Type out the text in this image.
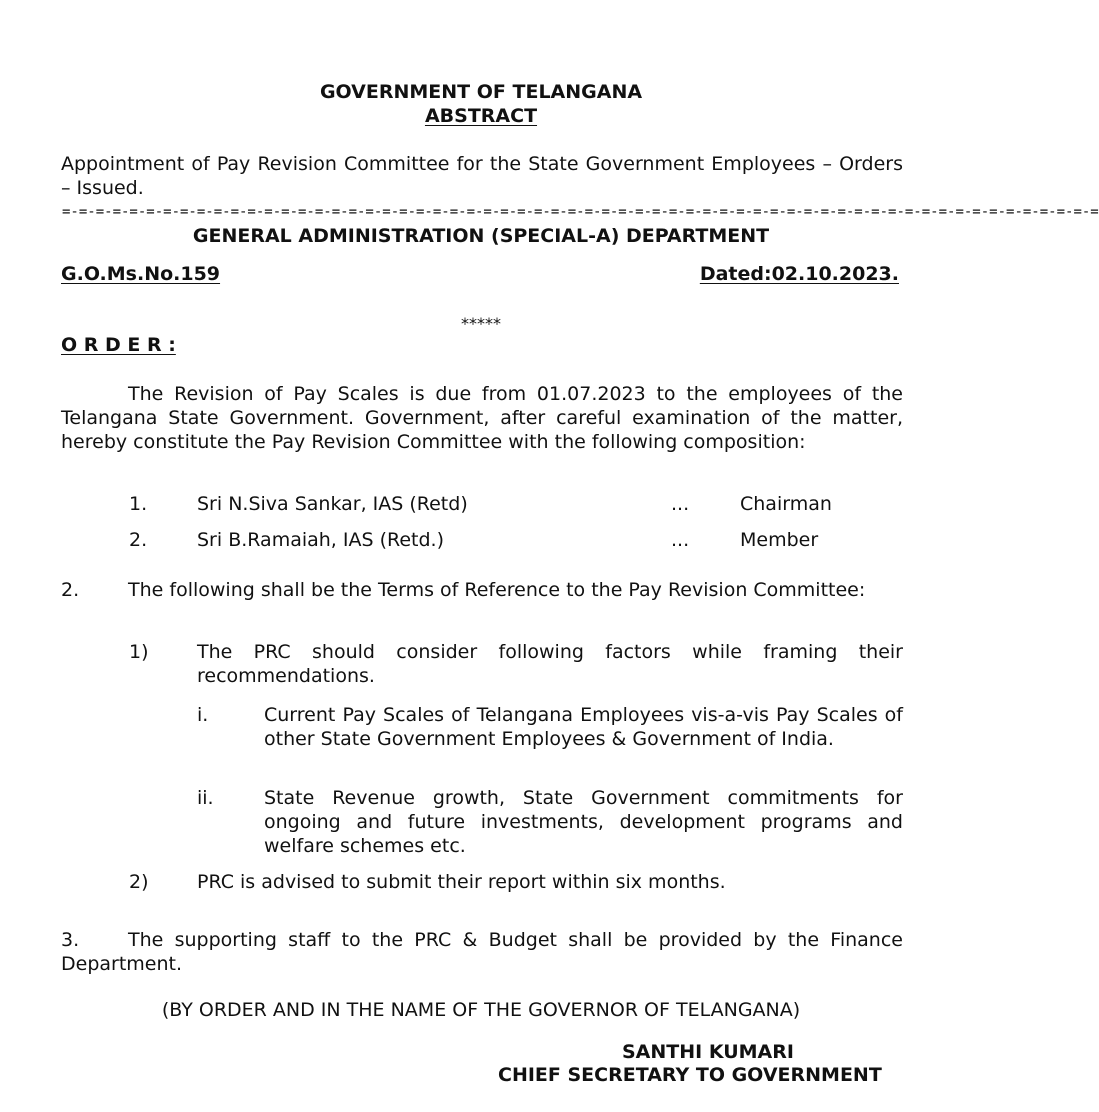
GOVERNMENT OF TELANGANA
ABSTRACT
Appointment of Pay Revision Committee for the State Government Employees – Orders – Issued.
=-=-=-=-=-=-=-=-=-=-=-=-=-=-=-=-=-=-=-=-=-=-=-=-=-=-=-=-=-=-=-=-=-=-=-=-=-=-=-=-=-=-=-=-=-=-=-=-=-=-=-=-=-=-=-=-=-=-=-=-=-=
GENERAL ADMINISTRATION (SPECIAL-A) DEPARTMENT
G.O.Ms.No.159	Dated:02.10.2023.
*****
O R D E R :
The Revision of Pay Scales is due from 01.07.2023 to the employees of the Telangana State Government. Government, after careful examination of the matter, hereby constitute the Pay Revision Committee with the following composition:
1.	Sri N.Siva Sankar, IAS (Retd)	...	Chairman
2.	Sri B.Ramaiah, IAS (Retd.)	...	Member
2.	The following shall be the Terms of Reference to the Pay Revision Committee:
1)	The PRC should consider following factors while framing their recommendations.
i.	Current Pay Scales of Telangana Employees vis-a-vis Pay Scales of other State Government Employees & Government of India.
ii.	State Revenue growth, State Government commitments for ongoing and future investments, development programs and welfare schemes etc.
2)	PRC is advised to submit their report within six months.
3.	The supporting staff to the PRC & Budget shall be provided by the Finance Department.
(BY ORDER AND IN THE NAME OF THE GOVERNOR OF TELANGANA)
SANTHI KUMARI
CHIEF SECRETARY TO GOVERNMENT
